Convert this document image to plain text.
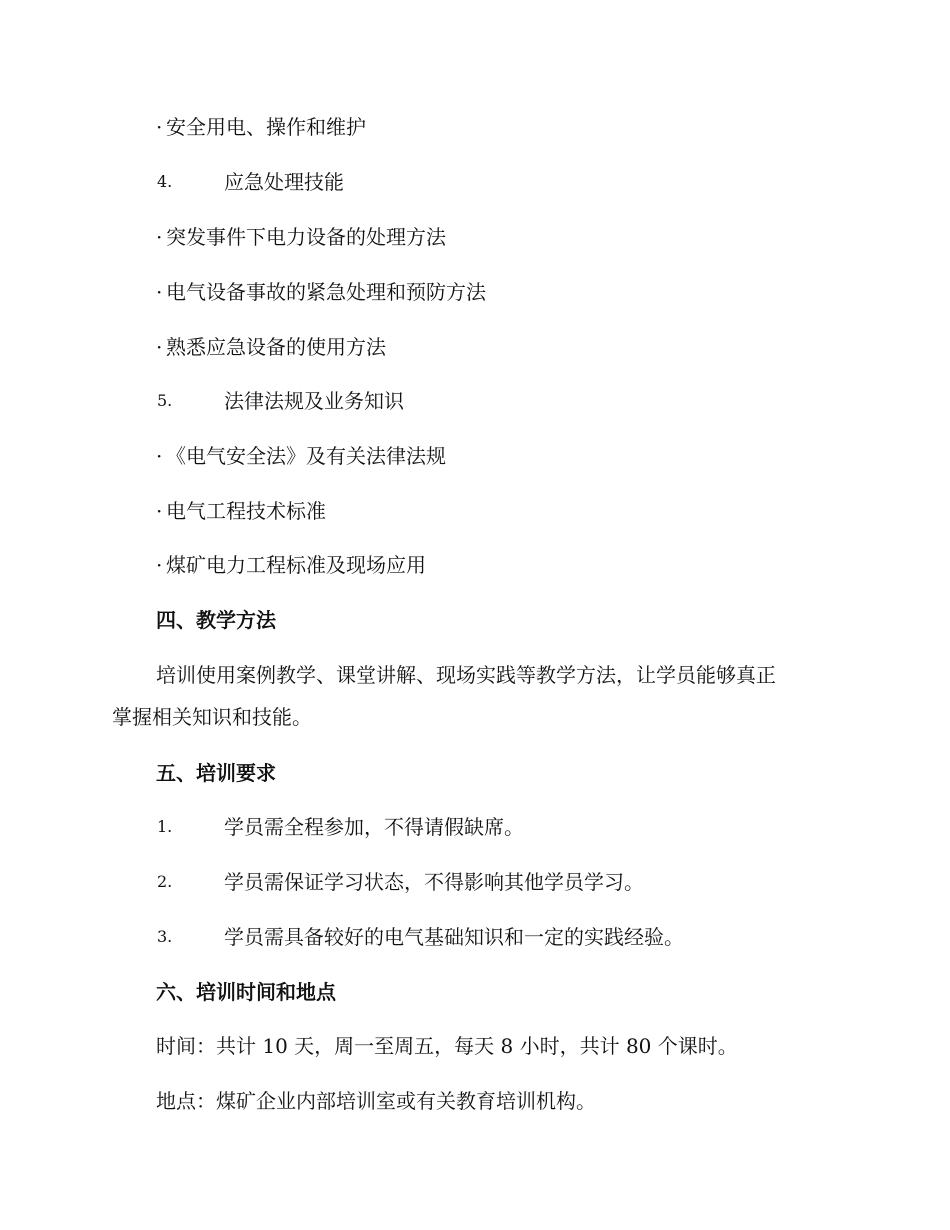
· 安全用电、操作和维护
4.	应急处理技能
· 突发事件下电力设备的处理方法
· 电气设备事故的紧急处理和预防方法
· 熟悉应急设备的使用方法
5.	法律法规及业务知识
· 《电气安全法》及有关法律法规
· 电气工程技术标准
· 煤矿电力工程标准及现场应用
四、教学方法
培训使用案例教学、课堂讲解、现场实践等教学方法，让学员能够真正
掌握相关知识和技能。
五、培训要求
1.	学员需全程参加，不得请假缺席。
2.	学员需保证学习状态，不得影响其他学员学习。
3.	学员需具备较好的电气基础知识和一定的实践经验。
六、培训时间和地点
时间：共计 10 天，周一至周五，每天 8 小时，共计 80 个课时。
地点：煤矿企业内部培训室或有关教育培训机构。
